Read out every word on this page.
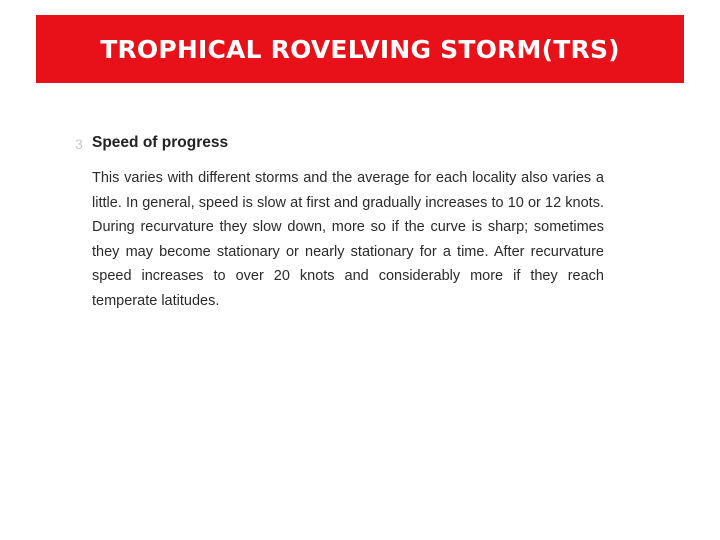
TROPHICAL ROVELVING STORM(TRS)
3 Speed of progress

This varies with different storms and the average for each locality also varies a little. In general, speed is slow at first and gradually increases to 10 or 12 knots. During recurvature they slow down, more so if the curve is sharp; sometimes they may become stationary or nearly stationary for a time. After recurvature speed increases to over 20 knots and considerably more if they reach temperate latitudes.
